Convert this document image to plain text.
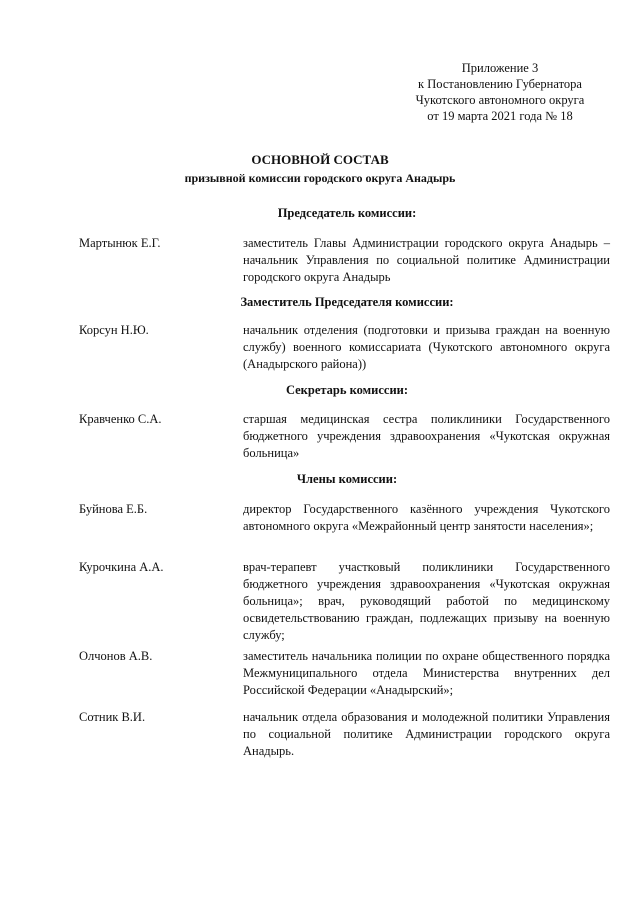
Приложение 3
к Постановлению Губернатора
Чукотского автономного округа
от 19 марта 2021 года № 18
ОСНОВНОЙ СОСТАВ
призывной комиссии городского округа Анадырь
Председатель комиссии:
Мартынюк Е.Г.	заместитель Главы Администрации городского округа Анадырь – начальник Управления по социальной политике Администрации городского округа Анадырь
Заместитель Председателя комиссии:
Корсун Н.Ю.	начальник отделения (подготовки и призыва граждан на военную службу) военного комиссариата (Чукотского автономного округа (Анадырского района))
Секретарь комиссии:
Кравченко С.А.	старшая медицинская сестра поликлиники Государственного бюджетного учреждения здравоохранения «Чукотская окружная больница»
Члены комиссии:
Буйнова Е.Б.	директор Государственного казённого учреждения Чукотского автономного округа «Межрайонный центр занятости населения»;
Курочкина А.А.	врач-терапевт участковый поликлиники Государственного бюджетного учреждения здравоохранения «Чукотская окружная больница»; врач, руководящий работой по медицинскому освидетельствованию граждан, подлежащих призыву на военную службу;
Олчонов А.В.	заместитель начальника полиции по охране общественного порядка Межмуниципального отдела Министерства внутренних дел Российской Федерации «Анадырский»;
Сотник В.И.	начальник отдела образования и молодежной политики Управления по социальной политике Администрации городского округа Анадырь.
